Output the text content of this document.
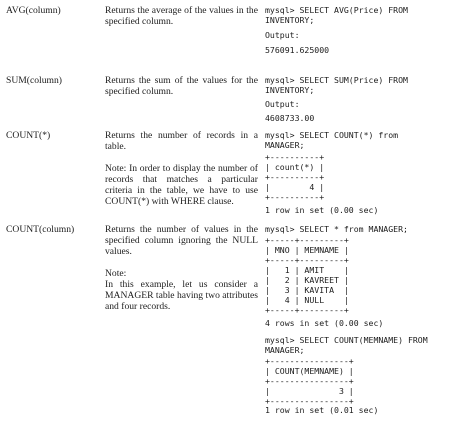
AVG(column)	Returns the average of the values in the specified column.
mysql> SELECT AVG(Price) FROM
INVENTORY;
Output:
576091.625000
SUM(column)	Returns the sum of the values for the specified column.
mysql> SELECT SUM(Price) FROM
INVENTORY;
Output:
4608733.00
COUNT(*)	Returns the number of records in a table.
Note: In order to display the number of records that matches a particular criteria in the table, we have to use COUNT(*) with WHERE clause.
mysql> SELECT COUNT(*) from
MANAGER;
+----------+
| count(*) |
+----------+
|        4 |
+----------+
1 row in set (0.00 sec)
COUNT(column)	Returns the number of values in the specified column ignoring the NULL values.
Note:
In this example, let us consider a MANAGER table having two attributes and four records.
mysql> SELECT * from MANAGER;
+-----+---------+
| MNO | MEMNAME |
+-----+---------+
|   1 | AMIT    |
|   2 | KAVREET |
|   3 | KAVITA  |
|   4 | NULL    |
+-----+---------+
4 rows in set (0.00 sec)
mysql> SELECT COUNT(MEMNAME) FROM
MANAGER;
+----------------+
| COUNT(MEMNAME) |
+----------------+
|              3 |
+----------------+
1 row in set (0.01 sec)
